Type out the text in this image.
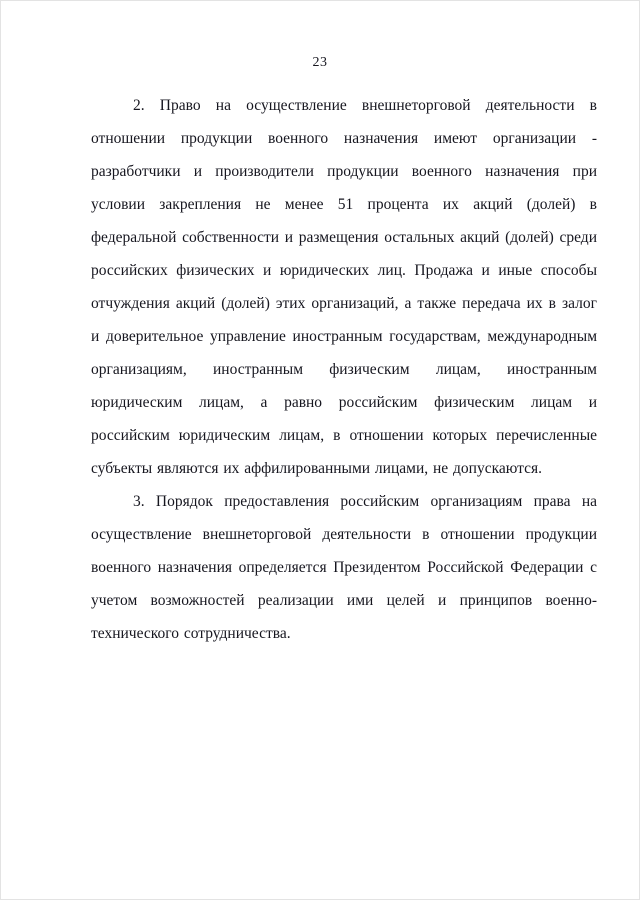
23

2. Право на осуществление внешнеторговой деятельности в отношении продукции военного назначения имеют организации - разработчики и производители продукции военного назначения при условии закрепления не менее 51 процента их акций (долей) в федеральной собственности и размещения остальных акций (долей) среди российских физических и юридических лиц. Продажа и иные способы отчуждения акций (долей) этих организаций, а также передача их в залог и доверительное управление иностранным государствам, международным организациям, иностранным физическим лицам, иностранным юридическим лицам, а равно российским физическим лицам и российским юридическим лицам, в отношении которых перечисленные субъекты являются их аффилированными лицами, не допускаются.

3. Порядок предоставления российским организациям права на осуществление внешнеторговой деятельности в отношении продукции военного назначения определяется Президентом Российской Федерации с учетом возможностей реализации ими целей и принципов военно-технического сотрудничества.
